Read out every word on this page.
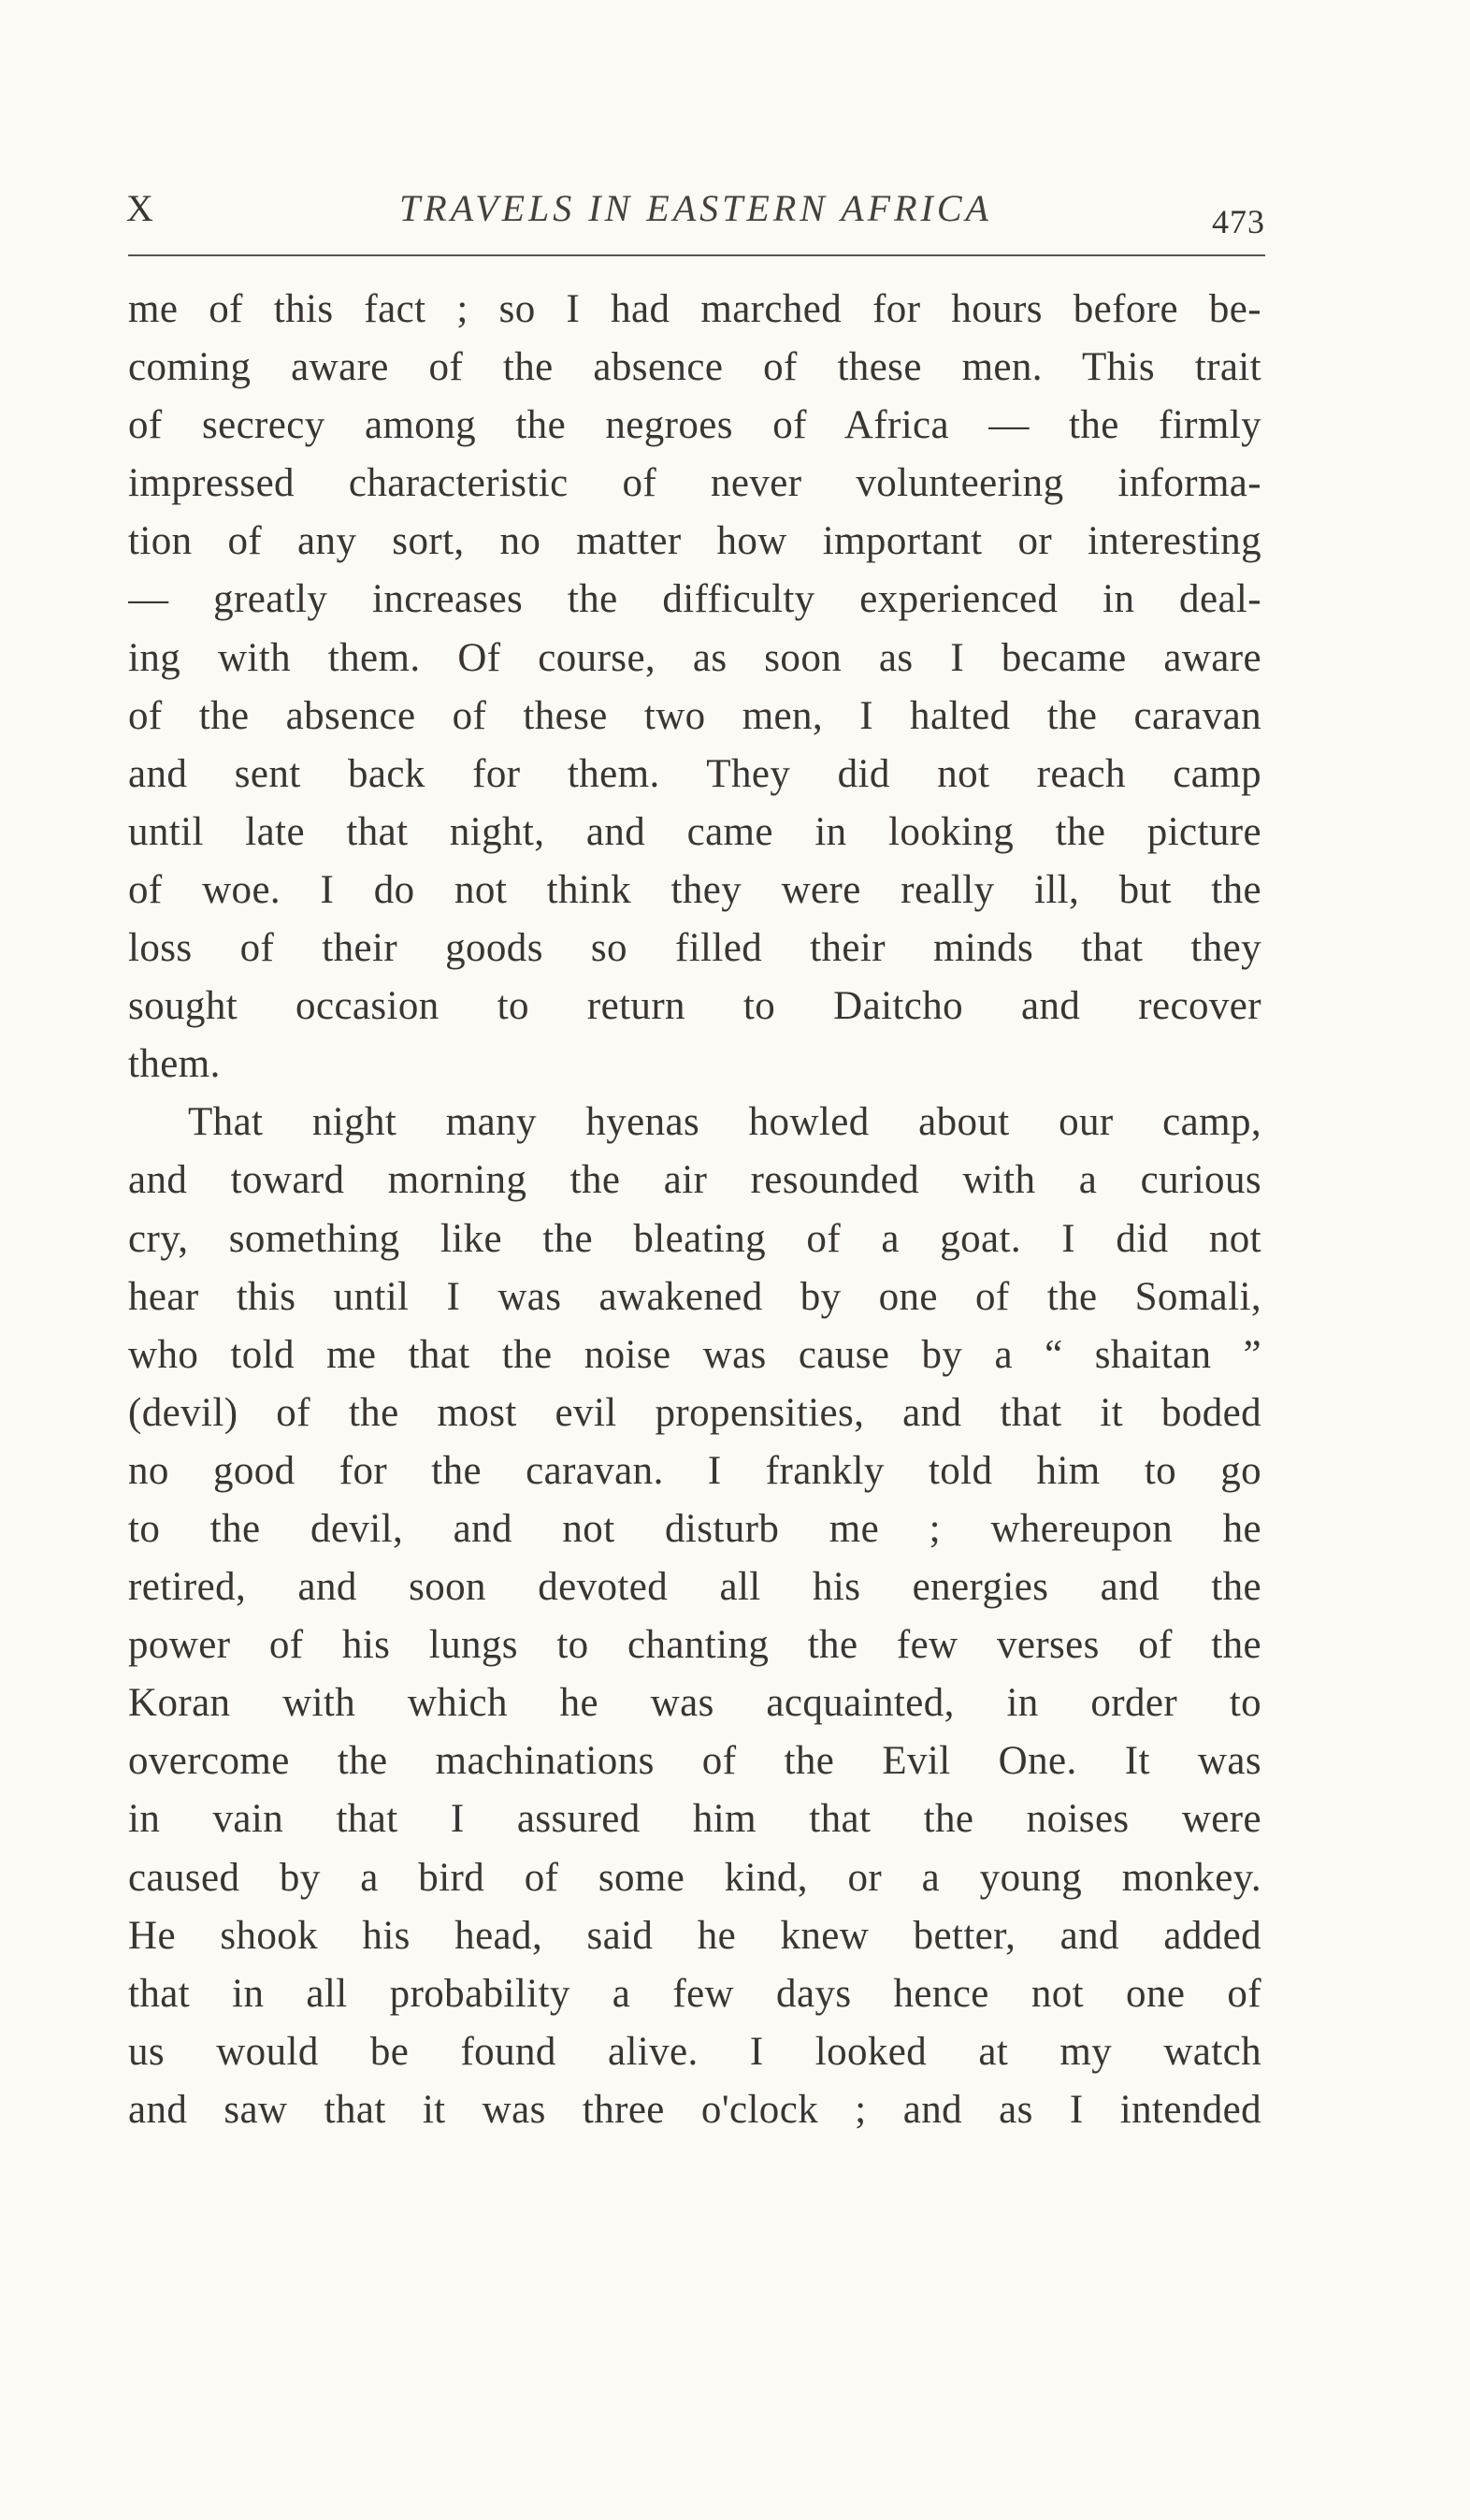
X	TRAVELS IN EASTERN AFRICA	473
me of this fact ; so I had marched for hours before be-
coming aware of the absence of these men. This trait
of secrecy among the negroes of Africa — the firmly
impressed characteristic of never volunteering informa-
tion of any sort, no matter how important or interesting
— greatly increases the difficulty experienced in deal-
ing with them. Of course, as soon as I became aware
of the absence of these two men, I halted the caravan
and sent back for them. They did not reach camp
until late that night, and came in looking the picture
of woe. I do not think they were really ill, but the
loss of their goods so filled their minds that they
sought occasion to return to Daitcho and recover
them.
That night many hyenas howled about our camp,
and toward morning the air resounded with a curious
cry, something like the bleating of a goat. I did not
hear this until I was awakened by one of the Somali,
who told me that the noise was cause by a “ shaitan ”
(devil) of the most evil propensities, and that it boded
no good for the caravan. I frankly told him to go
to the devil, and not disturb me ; whereupon he
retired, and soon devoted all his energies and the
power of his lungs to chanting the few verses of the
Koran with which he was acquainted, in order to
overcome the machinations of the Evil One. It was
in vain that I assured him that the noises were
caused by a bird of some kind, or a young monkey.
He shook his head, said he knew better, and added
that in all probability a few days hence not one of
us would be found alive. I looked at my watch
and saw that it was three o'clock ; and as I intended
